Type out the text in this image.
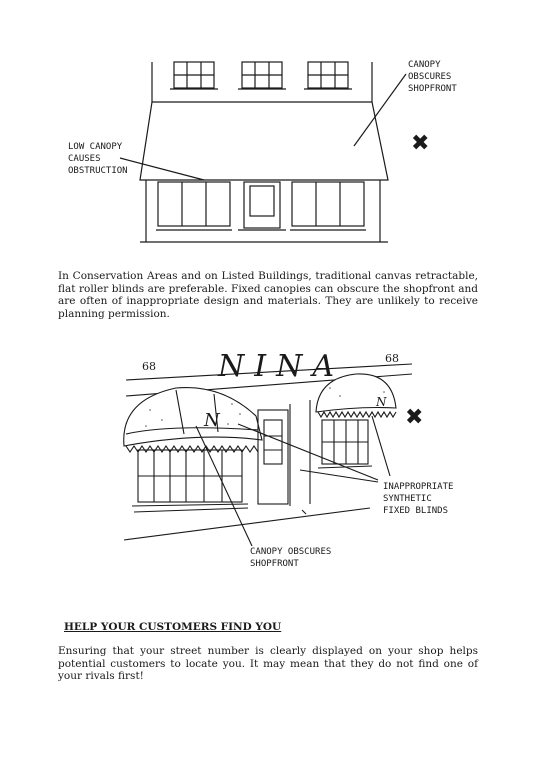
CANOPY
OBSCURES
SHOPFRONT
LOW CANOPY
CAUSES
OBSTRUCTION
✖

In Conservation Areas and on Listed Buildings, traditional canvas retractable, flat roller blinds are preferable. Fixed canopies can obscure the shopfront and are often of inappropriate design and materials. They are unlikely to receive planning permission.

NINA
N
N
68
68
INAPPROPRIATE
SYNTHETIC
FIXED BLINDS
CANOPY OBSCURES
SHOPFRONT
✖

HELP YOUR CUSTOMERS FIND YOU

Ensuring that your street number is clearly displayed on your shop helps potential customers to locate you. It may mean that they do not find one of your rivals first!
